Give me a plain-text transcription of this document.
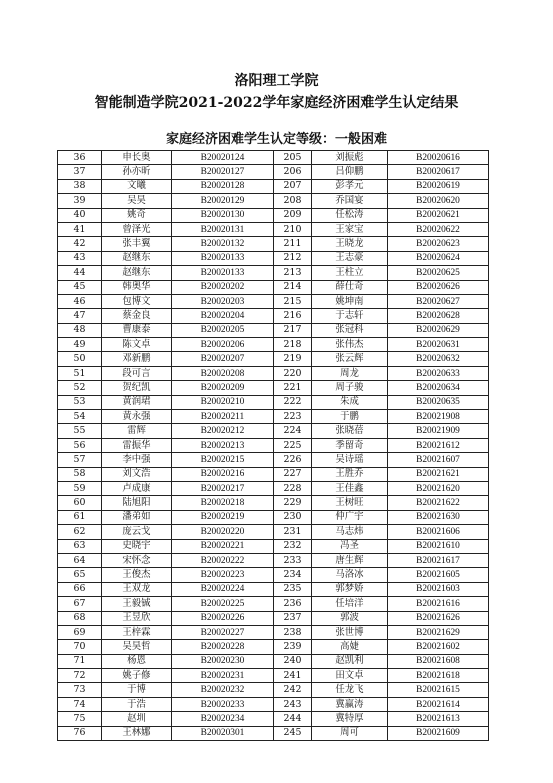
洛阳理工学院
智能制造学院2021-2022学年家庭经济困难学生认定结果
家庭经济困难学生认定等级：一般困难
36	申长奥	B20020124	205	刘振彪	B20020616
37	孙亦昕	B20020127	206	吕仰鹏	B20020617
38	文曦	B20020128	207	彭孝元	B20020619
39	吴昊	B20020129	208	乔国宴	B20020620
40	姚奇	B20020130	209	任松涛	B20020621
41	曾泽光	B20020131	210	王家宝	B20020622
42	张丰翼	B20020132	211	王晓龙	B20020623
43	赵继东	B20020133	212	王志豪	B20020624
44	赵继东	B20020133	213	王柱立	B20020625
45	韩奥华	B20020202	214	薛仕奇	B20020626
46	包博文	B20020203	215	姚坤南	B20020627
47	蔡金良	B20020204	216	于志轩	B20020628
48	曹康泰	B20020205	217	张冠科	B20020629
49	陈文卓	B20020206	218	张伟杰	B20020631
50	邓新鹏	B20020207	219	张云辉	B20020632
51	段可言	B20020208	220	周龙	B20020633
52	贺纪凯	B20020209	221	周子骏	B20020634
53	黄润珺	B20020210	222	朱成	B20020635
54	黄永强	B20020211	223	于鹏	B20021908
55	雷辉	B20020212	224	张晓蓓	B20021909
56	雷振华	B20020213	225	季留奇	B20021612
57	李中强	B20020215	226	吴诗瑶	B20021607
58	刘文浩	B20020216	227	王胜乔	B20021621
59	卢成康	B20020217	228	王佳鑫	B20021620
60	陆旭阳	B20020218	229	王树旺	B20021622
61	潘弟如	B20020219	230	仲广宇	B20021630
62	庞云戈	B20020220	231	马志炜	B20021606
63	史晓宇	B20020221	232	冯圣	B20021610
64	宋怀念	B20020222	233	唐生辉	B20021617
65	王俊杰	B20020223	234	马洛冰	B20021605
66	王双龙	B20020224	235	郭梦娇	B20021603
67	王毅铖	B20020225	236	任培洋	B20021616
68	王昱欣	B20020226	237	郭波	B20021626
69	王梓霖	B20020227	238	张世博	B20021629
70	吴昊哲	B20020228	239	高婕	B20021602
71	杨恩	B20020230	240	赵凯利	B20021608
72	姚子修	B20020231	241	田文卓	B20021618
73	于博	B20020232	242	任龙飞	B20021615
74	于浩	B20020233	243	冀赢涛	B20021614
75	赵圳	B20020234	244	冀特厚	B20021613
76	王林娜	B20020301	245	周可	B20021609
